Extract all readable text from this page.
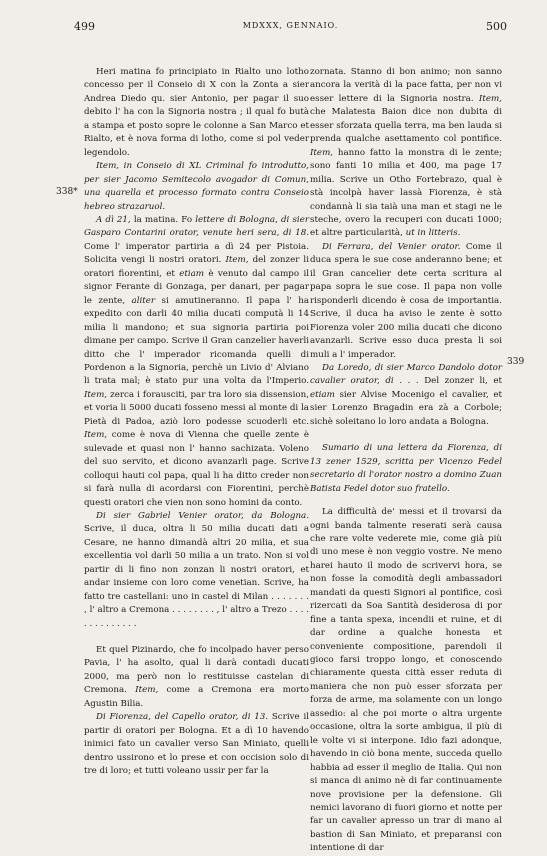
499	MDXXX, GENNAIO.	500
338*
339

Heri matina fo principiato in Rialto uno lotho concesso per il Conseio di X con la Zonta a sier Andrea Diedo qu. sier Antonio, per pagar il suo debito l' ha con la Signoria nostra ; il qual fo butà a stampa et posto sopre le colonne a San Marco et Rialto, et è nova forma di lotho, come si pol veder legendolo.

Item, in Conseio di XL Criminal fo introdutto, per sier Jacomo Semitecolo avogador di Comun, una quarella et processo formato contra Conseio hebreo strazaruol.

A dì 21, la matina. Fo lettere di Bologna, di sier Gasparo Contarini orator, venute heri sera, di 18. Come l' imperator partiria a dì 24 per Pistoia. Solicita vengi li nostri oratori. Item, del zonzer li oratori fiorentini, et etiam è venuto dal campo il signor Ferante di Gonzaga, per danari, per pagar le zente, aliter si amutineranno. Il papa l' ha expedito con darli 40 milia ducati computà li 14 milia li mandono; et sua signoria partiria poi dimane per campo. Scrive il Gran canzelier haverli ditto che l' imperador ricomanda quelli di Pordenon a la Signoria, perchè un Livio d' Alviano li trata mal; è stato pur una volta da l'Imperio. Item, zerca i forausciti, par tra loro sia dissension, et voria li 5000 ducati fosseno messi al monte di la Pietà di Padoa, aziò loro podesse scuoderli etc. Item, come è nova di Vienna che quelle zente è sulevade et quasi non l' hanno sachizata. Voleno del suo servito, et dicono avanzarli page. Scrive colloqui hauti col papa, qual li ha ditto creder non si farà nulla di acordarsi con Fiorentini, perchè questi oratori che vien non sono homini da conto.

Di sier Gabriel Venier orator, da Bologna. Scrive, il duca, oltra li 50 milia ducati dati a Cesare, ne hanno dimandà altri 20 milia, et sua excellentia vol darli 50 milia a un trato. Non si vol partir di li fino non zonzan li nostri oratori, et andar insieme con loro come venetian. Scrive, ha fatto tre castellani: uno in castel di Milan . . . . . . . , l' altro a Cremona . . . . . . . . , l' altro a Trezo . . . . . . . . . . . . . .

Et quel Pizinardo, che fo incolpado haver perso Pavia, l' ha asolto, qual li darà contadi ducati 2000, ma però non lo restituisse castelan di Cremona. Item, come a Cremona era morto Agustin Bilia.

Di Fiorenza, del Capello orator, di 13. Scrive il partir di oratori per Bologna. Et a dì 10 havendo inimici fato un cavalier verso San Miniato, quelli dentro ussirono et lo prese et con occision solo di tre di loro; et tutti voleano ussir per far la

zornata. Stanno di bon animo; non sanno ancora la verità di la pace fatta, per non vi esser lettere di la Signoria nostra. Item, che Malatesta Baion dice non dubita di esser sforzata quella terra, ma ben lauda si prenda qualche asettamento col pontifice. Item, hanno fatto la monstra di le zente; sono fanti 10 milia et 400, ma page 17 milia. Scrive un Otho Fortebrazo, qual è stà incolpà haver lassà Fiorenza, è stà condannà li sia taià una man et stagi ne le steche, overo la recuperi con ducati 1000; et altre particularità, ut in litteris.

Di Ferrara, del Venier orator. Come il duca spera le sue cose anderanno bene; et il Gran cancelier dete certa scritura al papa sopra le sue cose. Il papa non volle risponderli dicendo è cosa de importantia. Scrive, il duca ha aviso le zente è sotto Fiorenza voler 200 milia ducati che dicono avanzarli. Scrive esso duca presta li soi muli a l' imperador.

Da Loredo, di sier Marco Dandolo dotor cavalier orator, di . . . Del zonzer li, et etiam sier Alvise Mocenigo el cavalier, et sier Lorenzo Bragadin era zà a Corbole; sichè soleitano lo loro andata a Bologna.

Sumario di una lettera da Fiorenza, di 13 zener 1529, scritta per Vicenzo Fedel secretario di l'orator nostro a domino Zuan Batista Fedel dotor suo fratello.

La difficultà de' messi et il trovarsi da ogni banda talmente reserati serà causa che rare volte vederete mie, come già più di uno mese è non veggio vostre. Ne meno harei hauto il modo de scrivervi hora, se non fosse la comodità degli ambassadori mandati da questi Signori al pontifice, così rizercati da Soa Santità desiderosa di por fine a tanta spexa, incendii et ruine, et di dar ordine a qualche honesta et conveniente compositione, parendoli il gioco farsi troppo longo, et conoscendo chiaramente questa città esser reduta di maniera che non può esser sforzata per forza de arme, ma solamente con un longo assedio: al che poi morte o altra urgente occasione, oltra la sorte ambigua, il più di le volte vi si interpone. Idio fazi adonque, havendo in ciò bona mente, succeda quello habbia ad esser il meglio de Italia. Qui non si manca di animo nè di far continuamente nove provisione per la defensione. Gli nemici lavorano di fuori giorno et notte per far un cavalier apresso un trar di mano al bastion di San Miniato, et preparansi con intentione di dar
